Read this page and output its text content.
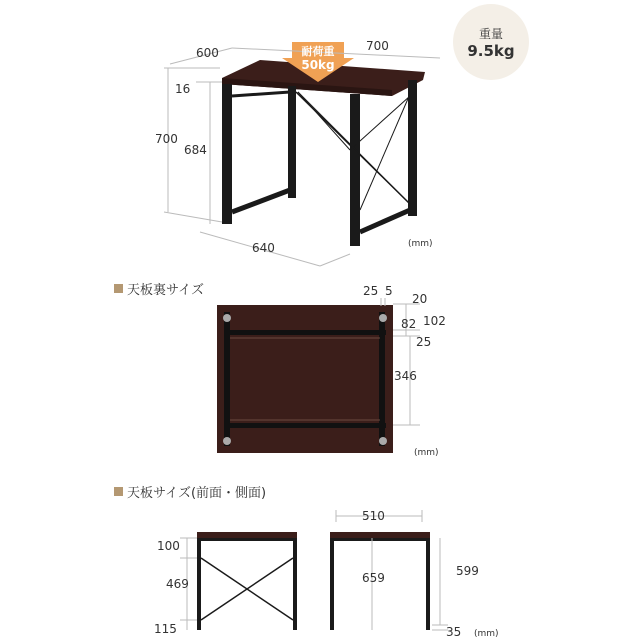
600	700
16
700
684
640	(mm)
耐荷重
50kg
25 5
20
82 102
25
346
(mm)
100
469
115
510
659	599
35 (mm)
重量
9.5kg
天板裏サイズ
天板サイズ(前面・側面)
